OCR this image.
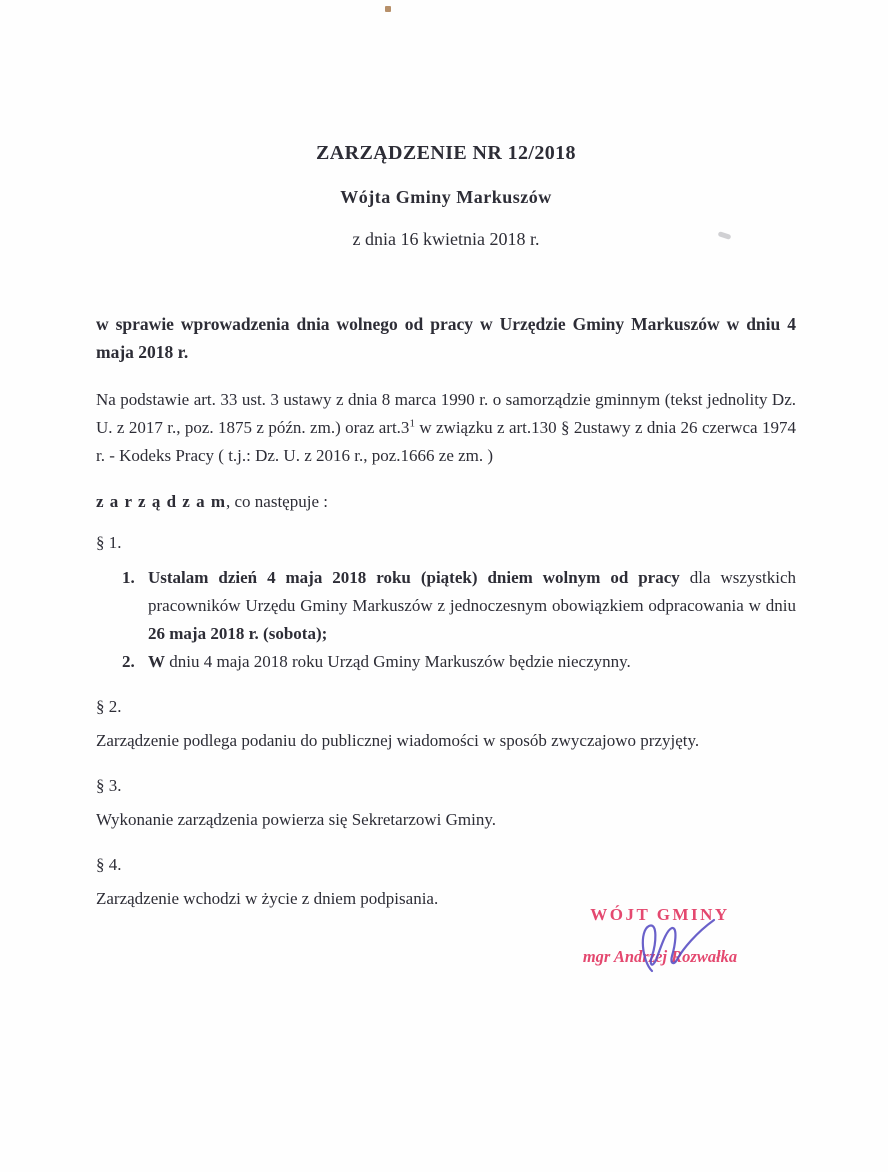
ZARZĄDZENIE NR 12/2018
Wójta Gminy Markuszów
z dnia 16 kwietnia 2018 r.
w sprawie wprowadzenia dnia wolnego od pracy w Urzędzie Gminy Markuszów w dniu 4 maja 2018 r.
Na podstawie art. 33 ust. 3 ustawy z dnia 8 marca 1990 r. o samorządzie gminnym (tekst jednolity Dz. U. z 2017 r., poz. 1875 z późn. zm.) oraz $art.3^1$ w związku z art.130 § 2ustawy z dnia 26 czerwca 1974 r. - Kodeks Pracy ( t.j.: Dz. U. z 2016 r., poz.1666 ze zm. )
z a r z ą d z a m, co następuje :
§ 1.
1. Ustalam dzień 4 maja 2018 roku (piątek) dniem wolnym od pracy dla wszystkich pracowników Urzędu Gminy Markuszów z jednoczesnym obowiązkiem odpracowania w dniu 26 maja 2018 r. (sobota);
2. W dniu 4 maja 2018 roku Urząd Gminy Markuszów będzie nieczynny.
§ 2.
Zarządzenie podlega podaniu do publicznej wiadomości w sposób zwyczajowo przyjęty.
§ 3.
Wykonanie zarządzenia powierza się Sekretarzowi Gminy.
§ 4.
Zarządzenie wchodzi w życie z dniem podpisania.
WÓJT GMINY
mgr Andrzej Rozwałka
